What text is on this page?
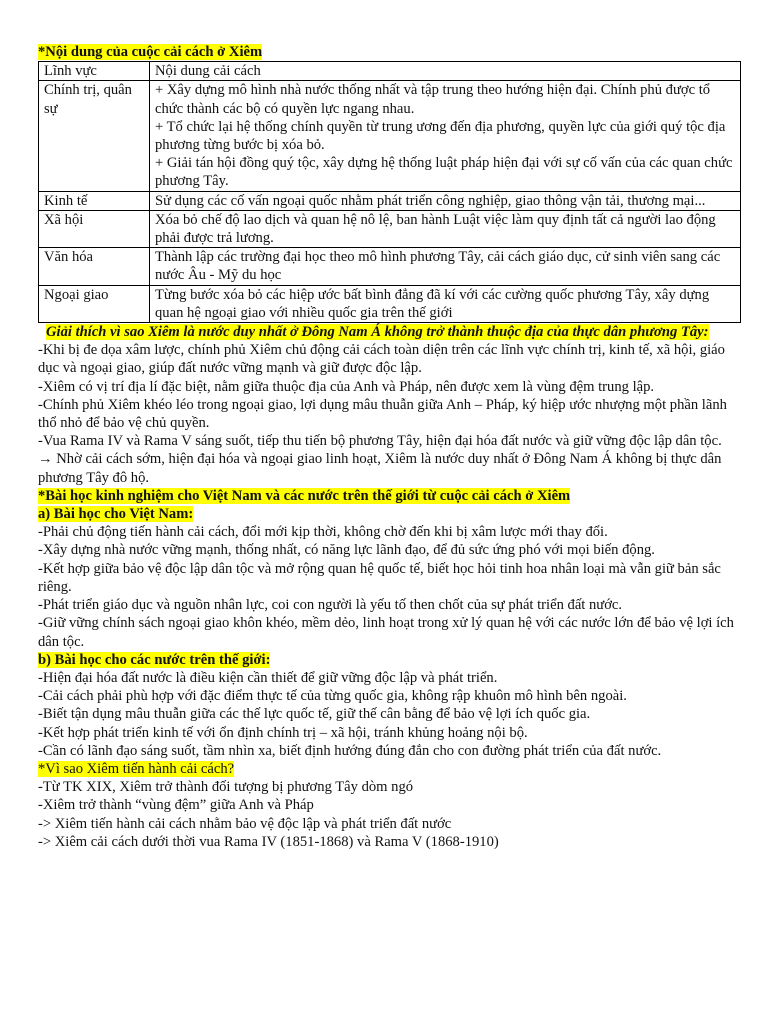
*Nội dung của cuộc cải cách ở Xiêm
Lĩnh vực	Nội dung cải cách
Chính trị, quân sự	+ Xây dựng mô hình nhà nước thống nhất và tập trung theo hướng hiện đại. Chính phủ được tổ chức thành các bộ có quyền lực ngang nhau.
+ Tổ chức lại hệ thống chính quyền từ trung ương đến địa phương, quyền lực của giới quý tộc địa phương từng bước bị xóa bỏ.
+ Giải tán hội đồng quý tộc, xây dựng hệ thống luật pháp hiện đại với sự cố vấn của các quan chức phương Tây.

Kinh tế	Sử dụng các cố vấn ngoại quốc nhằm phát triển công nghiệp, giao thông vận tải, thương mại...

Xã hội	Xóa bỏ chế độ lao dịch và quan hệ nô lệ, ban hành Luật việc làm quy định tất cả người lao động phải được trả lương.

Văn hóa	Thành lập các trường đại học theo mô hình phương Tây, cải cách giáo dục, cử sinh viên sang các nước Âu - Mỹ du học

Ngoại giao	Từng bước xóa bỏ các hiệp ước bất bình đẳng đã kí với các cường quốc phương Tây, xây dựng quan hệ ngoại giao với nhiều quốc gia trên thế giới
Giải thích vì sao Xiêm là nước duy nhất ở Đông Nam Á không trở thành thuộc địa của thực dân phương Tây:
-Khi bị đe dọa xâm lược, chính phủ Xiêm chủ động cải cách toàn diện trên các lĩnh vực chính trị, kinh tế, xã hội, giáo dục và ngoại giao, giúp đất nước vững mạnh và giữ được độc lập.
-Xiêm có vị trí địa lí đặc biệt, nằm giữa thuộc địa của Anh và Pháp, nên được xem là vùng đệm trung lập.
-Chính phủ Xiêm khéo léo trong ngoại giao, lợi dụng mâu thuẫn giữa Anh – Pháp, ký hiệp ước nhượng một phần lãnh thổ nhỏ để bảo vệ chủ quyền.
-Vua Rama IV và Rama V sáng suốt, tiếp thu tiến bộ phương Tây, hiện đại hóa đất nước và giữ vững độc lập dân tộc.
→ Nhờ cải cách sớm, hiện đại hóa và ngoại giao linh hoạt, Xiêm là nước duy nhất ở Đông Nam Á không bị thực dân phương Tây đô hộ.
*Bài học kinh nghiệm cho Việt Nam và các nước trên thế giới từ cuộc cải cách ở Xiêm
a) Bài học cho Việt Nam:
-Phải chủ động tiến hành cải cách, đổi mới kịp thời, không chờ đến khi bị xâm lược mới thay đổi.
-Xây dựng nhà nước vững mạnh, thống nhất, có năng lực lãnh đạo, để đủ sức ứng phó với mọi biến động.
-Kết hợp giữa bảo vệ độc lập dân tộc và mở rộng quan hệ quốc tế, biết học hỏi tinh hoa nhân loại mà vẫn giữ bản sắc riêng.
-Phát triển giáo dục và nguồn nhân lực, coi con người là yếu tố then chốt của sự phát triển đất nước.
-Giữ vững chính sách ngoại giao khôn khéo, mềm dẻo, linh hoạt trong xử lý quan hệ với các nước lớn để bảo vệ lợi ích dân tộc.
b) Bài học cho các nước trên thế giới:
-Hiện đại hóa đất nước là điều kiện cần thiết để giữ vững độc lập và phát triển.
-Cải cách phải phù hợp với đặc điểm thực tế của từng quốc gia, không rập khuôn mô hình bên ngoài.
-Biết tận dụng mâu thuẫn giữa các thế lực quốc tế, giữ thế cân bằng để bảo vệ lợi ích quốc gia.
-Kết hợp phát triển kinh tế với ổn định chính trị – xã hội, tránh khủng hoảng nội bộ.
-Cần có lãnh đạo sáng suốt, tầm nhìn xa, biết định hướng đúng đắn cho con đường phát triển của đất nước.
*Vì sao Xiêm tiến hành cải cách?
-Từ TK XIX, Xiêm trở thành đối tượng bị phương Tây dòm ngó
-Xiêm trở thành “vùng đệm” giữa Anh và Pháp
-> Xiêm tiến hành cải cách nhằm bảo vệ độc lập và phát triển đất nước
-> Xiêm cải cách dưới thời vua Rama IV (1851-1868) và Rama V (1868-1910)
